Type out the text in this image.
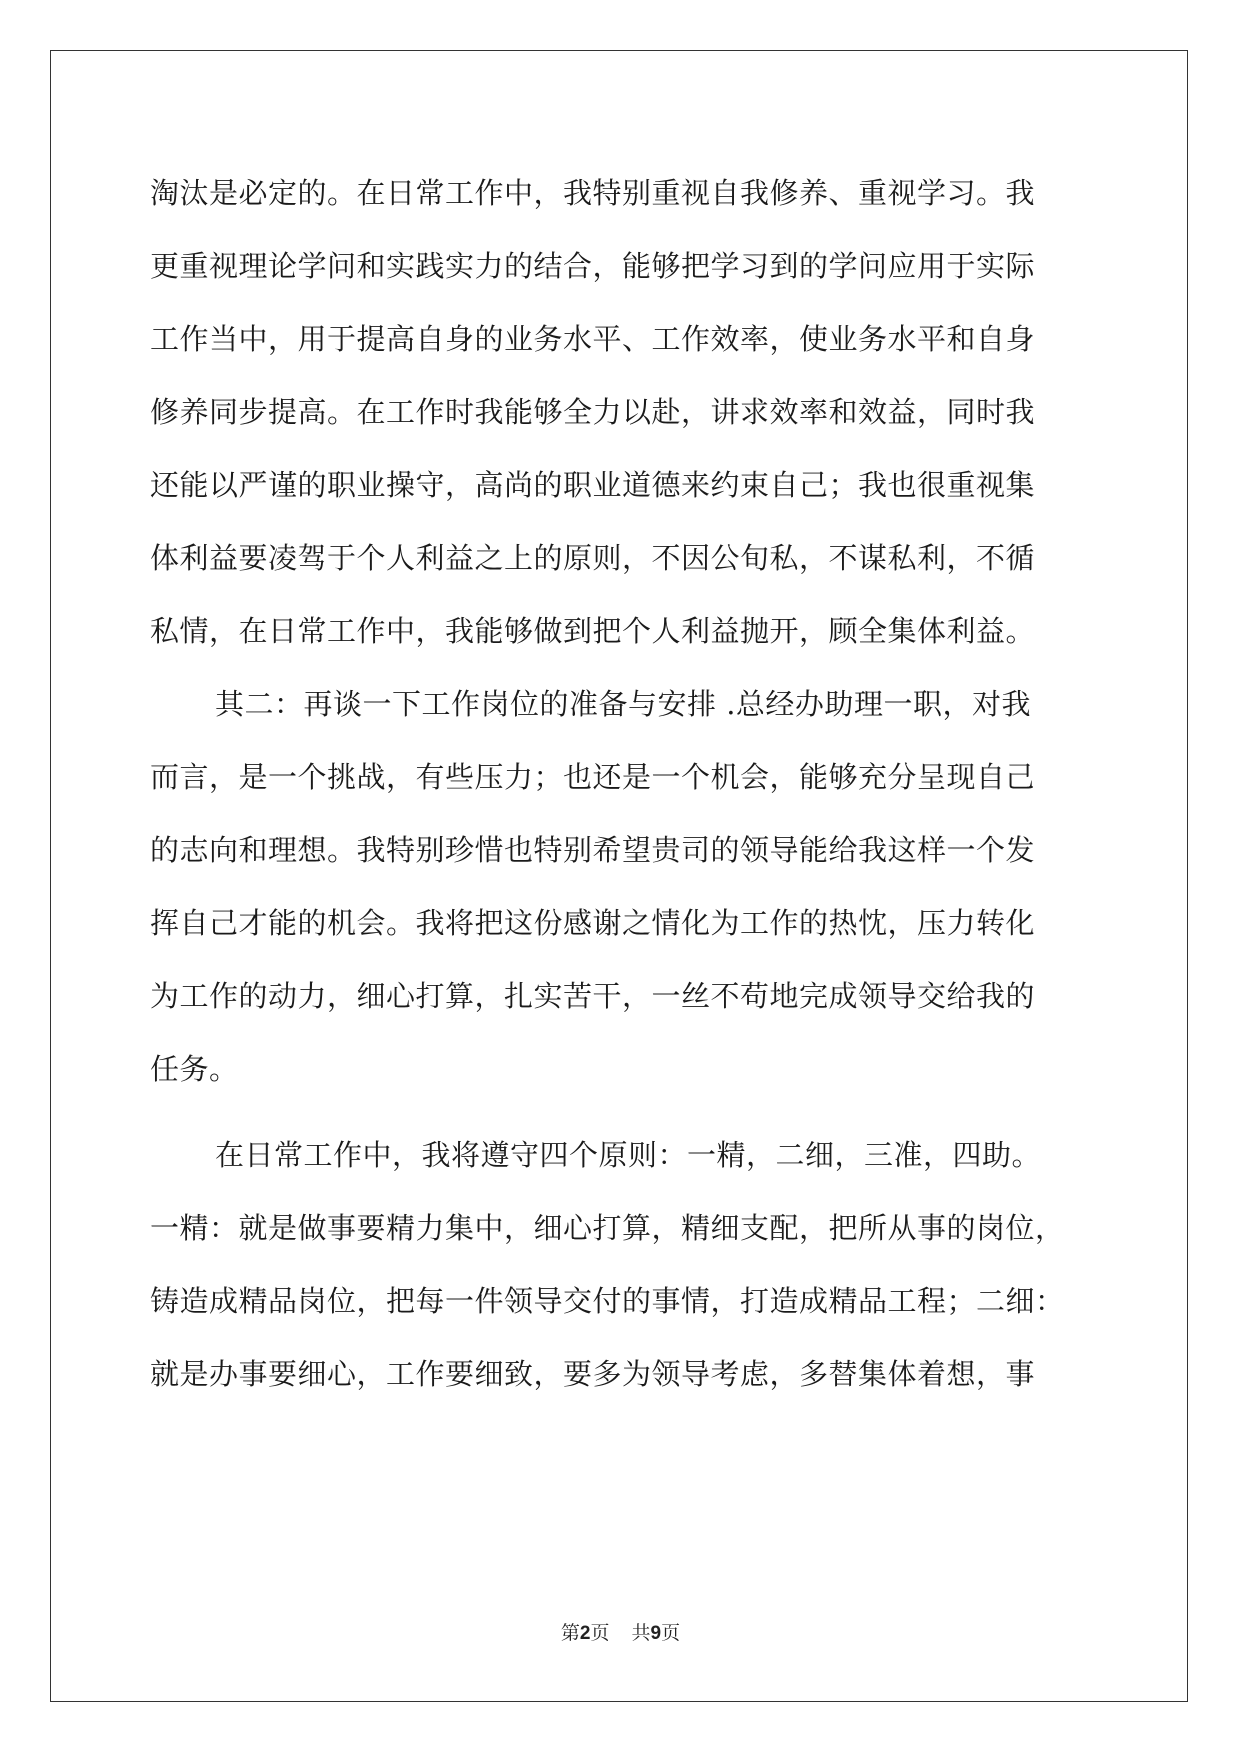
淘汰是必定的。在日常工作中，我特别重视自我修养、重视学习。我
更重视理论学问和实践实力的结合，能够把学习到的学问应用于实际
工作当中，用于提高自身的业务水平、工作效率，使业务水平和自身
修养同步提高。在工作时我能够全力以赴，讲求效率和效益，同时我
还能以严谨的职业操守，高尚的职业道德来约束自己；我也很重视集
体利益要凌驾于个人利益之上的原则，不因公旬私，不谋私利，不循
私情，在日常工作中，我能够做到把个人利益抛开，顾全集体利益。
其二：再谈一下工作岗位的准备与安排 .总经办助理一职，对我
而言，是一个挑战，有些压力；也还是一个机会，能够充分呈现自己
的志向和理想。我特别珍惜也特别希望贵司的领导能给我这样一个发
挥自己才能的机会。我将把这份感谢之情化为工作的热忱，压力转化
为工作的动力，细心打算，扎实苦干，一丝不苟地完成领导交给我的
任务。
在日常工作中，我将遵守四个原则：一精，二细，三准，四助。
一精：就是做事要精力集中，细心打算，精细支配，把所从事的岗位，
铸造成精品岗位，把每一件领导交付的事情，打造成精品工程；二细：
就是办事要细心，工作要细致，要多为领导考虑，多替集体着想，事
第2页 共9页
